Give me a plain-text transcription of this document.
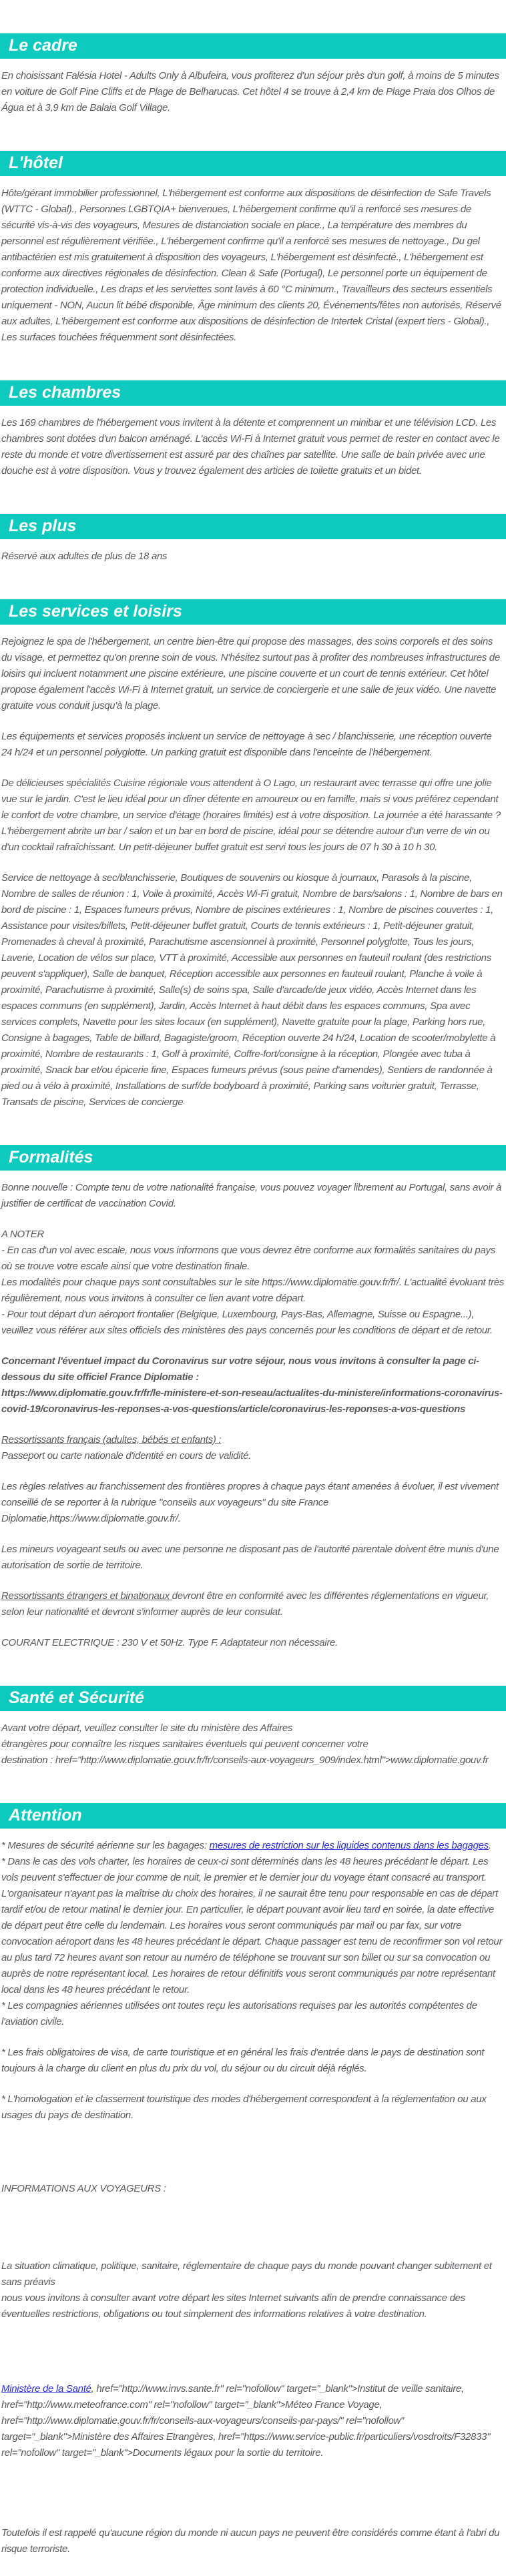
Le cadre

En choisissant Falésia Hotel - Adults Only à Albufeira, vous profiterez d'un séjour près d'un golf, à moins de 5 minutes en voiture de Golf Pine Cliffs et de Plage de Belharucas. Cet hôtel 4 se trouve à 2,4 km de Plage Praia dos Olhos de Água et à 3,9 km de Balaia Golf Village.

L'hôtel

Hôte/gérant immobilier professionnel, L'hébergement est conforme aux dispositions de désinfection de Safe Travels (WTTC - Global)., Personnes LGBTQIA+ bienvenues, L'hébergement confirme qu'il a renforcé ses mesures de sécurité vis-à-vis des voyageurs, Mesures de distanciation sociale en place., La température des membres du personnel est régulièrement vérifiée., L'hébergement confirme qu'il a renforcé ses mesures de nettoyage., Du gel antibactérien est mis gratuitement à disposition des voyageurs, L'hébergement est désinfecté., L'hébergement est conforme aux directives régionales de désinfection. Clean & Safe (Portugal), Le personnel porte un équipement de protection individuelle., Les draps et les serviettes sont lavés à 60 °C minimum., Travailleurs des secteurs essentiels uniquement - NON, Aucun lit bébé disponible, Âge minimum des clients 20, Événements/fêtes non autorisés, Réservé aux adultes, L'hébergement est conforme aux dispositions de désinfection de Intertek Cristal (expert tiers - Global)., Les surfaces touchées fréquemment sont désinfectées.

Les chambres

Les 169 chambres de l'hébergement vous invitent à la détente et comprennent un minibar et une télévision LCD. Les chambres sont dotées d'un balcon aménagé. L'accès Wi-Fi à Internet gratuit vous permet de rester en contact avec le reste du monde et votre divertissement est assuré par des chaînes par satellite. Une salle de bain privée avec une douche est à votre disposition. Vous y trouvez également des articles de toilette gratuits et un bidet.

Les plus

Réservé aux adultes de plus de 18 ans

Les services et loisirs

Rejoignez le spa de l'hébergement, un centre bien-être qui propose des massages, des soins corporels et des soins du visage, et permettez qu'on prenne soin de vous. N'hésitez surtout pas à profiter des nombreuses infrastructures de loisirs qui incluent notamment une piscine extérieure, une piscine couverte et un court de tennis extérieur. Cet hôtel propose également l'accès Wi-Fi à Internet gratuit, un service de conciergerie et une salle de jeux vidéo. Une navette gratuite vous conduit jusqu'à la plage.

Les équipements et services proposés incluent un service de nettoyage à sec / blanchisserie, une réception ouverte 24 h/24 et un personnel polyglotte. Un parking gratuit est disponible dans l'enceinte de l'hébergement.

De délicieuses spécialités Cuisine régionale vous attendent à O Lago, un restaurant avec terrasse qui offre une jolie vue sur le jardin. C'est le lieu idéal pour un dîner détente en amoureux ou en famille, mais si vous préférez cependant le confort de votre chambre, un service d'étage (horaires limités) est à votre disposition. La journée a été harassante ? L'hébergement abrite un bar / salon et un bar en bord de piscine, idéal pour se détendre autour d'un verre de vin ou d'un cocktail rafraîchissant. Un petit-déjeuner buffet gratuit est servi tous les jours de 07 h 30 à 10 h 30.

Service de nettoyage à sec/blanchisserie, Boutiques de souvenirs ou kiosque à journaux, Parasols à la piscine, Nombre de salles de réunion : 1, Voile à proximité, Accès Wi-Fi gratuit, Nombre de bars/salons : 1, Nombre de bars en bord de piscine : 1, Espaces fumeurs prévus, Nombre de piscines extérieures : 1, Nombre de piscines couvertes : 1, Assistance pour visites/billets, Petit-déjeuner buffet gratuit, Courts de tennis extérieurs : 1, Petit-déjeuner gratuit, Promenades à cheval à proximité, Parachutisme ascensionnel à proximité, Personnel polyglotte, Tous les jours, Laverie, Location de vélos sur place, VTT à proximité, Accessible aux personnes en fauteuil roulant (des restrictions peuvent s'appliquer), Salle de banquet, Réception accessible aux personnes en fauteuil roulant, Planche à voile à proximité, Parachutisme à proximité, Salle(s) de soins spa, Salle d'arcade/de jeux vidéo, Accès Internet dans les espaces communs (en supplément), Jardin, Accès Internet à haut débit dans les espaces communs, Spa avec services complets, Navette pour les sites locaux (en supplément), Navette gratuite pour la plage, Parking hors rue, Consigne à bagages, Table de billard, Bagagiste/groom, Réception ouverte 24 h/24, Location de scooter/mobylette à proximité, Nombre de restaurants : 1, Golf à proximité, Coffre-fort/consigne à la réception, Plongée avec tuba à proximité, Snack bar et/ou épicerie fine, Espaces fumeurs prévus (sous peine d'amendes), Sentiers de randonnée à pied ou à vélo à proximité, Installations de surf/de bodyboard à proximité, Parking sans voiturier gratuit, Terrasse, Transats de piscine, Services de concierge

Formalités

Bonne nouvelle : Compte tenu de votre nationalité française, vous pouvez voyager librement au Portugal, sans avoir à justifier de certificat de vaccination Covid.

A NOTER
- En cas d'un vol avec escale, nous vous informons que vous devrez être conforme aux formalités sanitaires du pays où se trouve votre escale ainsi que votre destination finale.
Les modalités pour chaque pays sont consultables sur le site https://www.diplomatie.gouv.fr/fr/. L'actualité évoluant très régulièrement, nous vous invitons à consulter ce lien avant votre départ.
- Pour tout départ d'un aéroport frontalier (Belgique, Luxembourg, Pays-Bas, Allemagne, Suisse ou Espagne...), veuillez vous référer aux sites officiels des ministères des pays concernés pour les conditions de départ et de retour.

Concernant l'éventuel impact du Coronavirus sur votre séjour, nous vous invitons à consulter la page ci-dessous du site officiel France Diplomatie :
https://www.diplomatie.gouv.fr/fr/le-ministere-et-son-reseau/actualites-du-ministere/informations-coronavirus-covid-19/coronavirus-les-reponses-a-vos-questions/article/coronavirus-les-reponses-a-vos-questions

Ressortissants français (adultes, bébés et enfants) :
Passeport ou carte nationale d'identité en cours de validité.

Les règles relatives au franchissement des frontières propres à chaque pays étant amenées à évoluer, il est vivement conseillé de se reporter à la rubrique "conseils aux voyageurs" du site France Diplomatie,https://www.diplomatie.gouv.fr/.

Les mineurs voyageant seuls ou avec une personne ne disposant pas de l'autorité parentale doivent être munis d'une autorisation de sortie de territoire.

Ressortissants étrangers et binationaux devront être en conformité avec les différentes réglementations en vigueur, selon leur nationalité et devront s'informer auprès de leur consulat.

COURANT ELECTRIQUE : 230 V et 50Hz. Type F. Adaptateur non nécessaire.

Santé et Sécurité

Avant votre départ, veuillez consulter le site du ministère des Affaires
étrangères pour connaître les risques sanitaires éventuels qui peuvent concerner votre
destination : href="http://www.diplomatie.gouv.fr/fr/conseils-aux-voyageurs_909/index.html">www.diplomatie.gouv.fr

Attention

* Mesures de sécurité aérienne sur les bagages: mesures de restriction sur les liquides contenus dans les bagages.
* Dans le cas des vols charter, les horaires de ceux-ci sont déterminés dans les 48 heures précédant le départ. Les vols peuvent s'effectuer de jour comme de nuit, le premier et le dernier jour du voyage étant consacré au transport. L'organisateur n'ayant pas la maîtrise du choix des horaires, il ne saurait être tenu pour responsable en cas de départ tardif et/ou de retour matinal le dernier jour. En particulier, le départ pouvant avoir lieu tard en soirée, la date effective de départ peut être celle du lendemain. Les horaires vous seront communiqués par mail ou par fax, sur votre convocation aéroport dans les 48 heures précédant le départ. Chaque passager est tenu de reconfirmer son vol retour au plus tard 72 heures avant son retour au numéro de téléphone se trouvant sur son billet ou sur sa convocation ou auprès de notre représentant local. Les horaires de retour définitifs vous seront communiqués par notre représentant local dans les 48 heures précédant le retour.
* Les compagnies aériennes utilisées ont toutes reçu les autorisations requises par les autorités compétentes de l'aviation civile.

* Les frais obligatoires de visa, de carte touristique et en général les frais d'entrée dans le pays de destination sont toujours à la charge du client en plus du prix du vol, du séjour ou du circuit déjà réglés.

* L'homologation et le classement touristique des modes d'hébergement correspondent à la réglementation ou aux usages du pays de destination.

INFORMATIONS AUX VOYAGEURS :

La situation climatique, politique, sanitaire, réglementaire de chaque pays du monde pouvant changer subitement et sans préavis
nous vous invitons à consulter avant votre départ les sites Internet suivants afin de prendre connaissance des éventuelles restrictions, obligations ou tout simplement des informations relatives à votre destination.

Ministère de la Santé, href="http://www.invs.sante.fr" rel="nofollow" target="_blank">Institut de veille sanitaire, href="http://www.meteofrance.com" rel="nofollow" target="_blank">Méteo France Voyage, href="http://www.diplomatie.gouv.fr/fr/conseils-aux-voyageurs/conseils-par-pays/" rel="nofollow" target="_blank">Ministère des Affaires Etrangères, href="https://www.service-public.fr/particuliers/vosdroits/F32833" rel="nofollow" target="_blank">Documents légaux pour la sortie du territoire.

Toutefois il est rappelé qu'aucune région du monde ni aucun pays ne peuvent être considérés comme étant à l'abri du risque terroriste.
